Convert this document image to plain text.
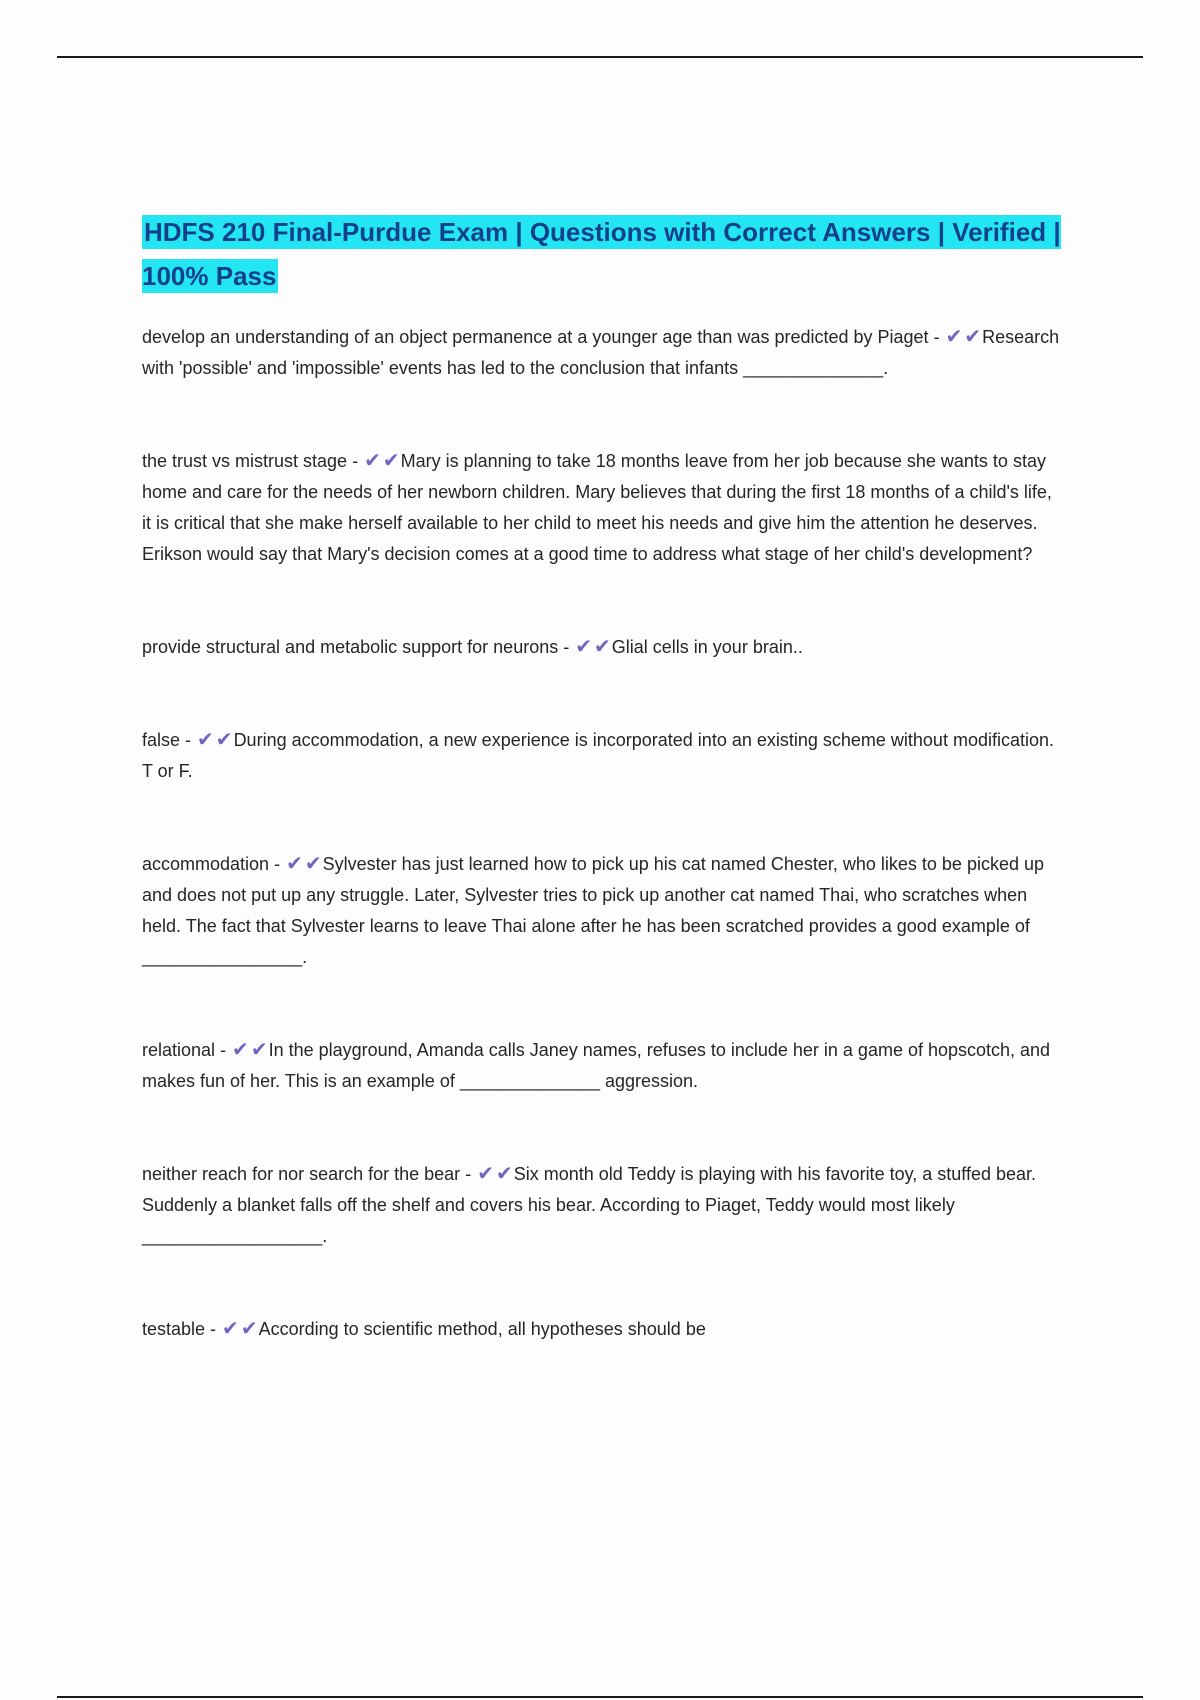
HDFS 210 Final-Purdue Exam | Questions with Correct Answers | Verified | 100% Pass

develop an understanding of an object permanence at a younger age than was predicted by Piaget - ✔ ✔Research with 'possible' and 'impossible' events has led to the conclusion that infants ______________.

the trust vs mistrust stage - ✔ ✔Mary is planning to take 18 months leave from her job because she wants to stay home and care for the needs of her newborn children. Mary believes that during the first 18 months of a child's life, it is critical that she make herself available to her child to meet his needs and give him the attention he deserves. Erikson would say that Mary's decision comes at a good time to address what stage of her child's development?

provide structural and metabolic support for neurons - ✔ ✔Glial cells in your brain..

false - ✔ ✔During accommodation, a new experience is incorporated into an existing scheme without modification. T or F.

accommodation - ✔ ✔Sylvester has just learned how to pick up his cat named Chester, who likes to be picked up and does not put up any struggle. Later, Sylvester tries to pick up another cat named Thai, who scratches when held. The fact that Sylvester learns to leave Thai alone after he has been scratched provides a good example of ________________.

relational - ✔ ✔In the playground, Amanda calls Janey names, refuses to include her in a game of hopscotch, and makes fun of her. This is an example of ______________ aggression.

neither reach for nor search for the bear - ✔ ✔Six month old Teddy is playing with his favorite toy, a stuffed bear. Suddenly a blanket falls off the shelf and covers his bear. According to Piaget, Teddy would most likely __________________.

testable - ✔ ✔According to scientific method, all hypotheses should be
